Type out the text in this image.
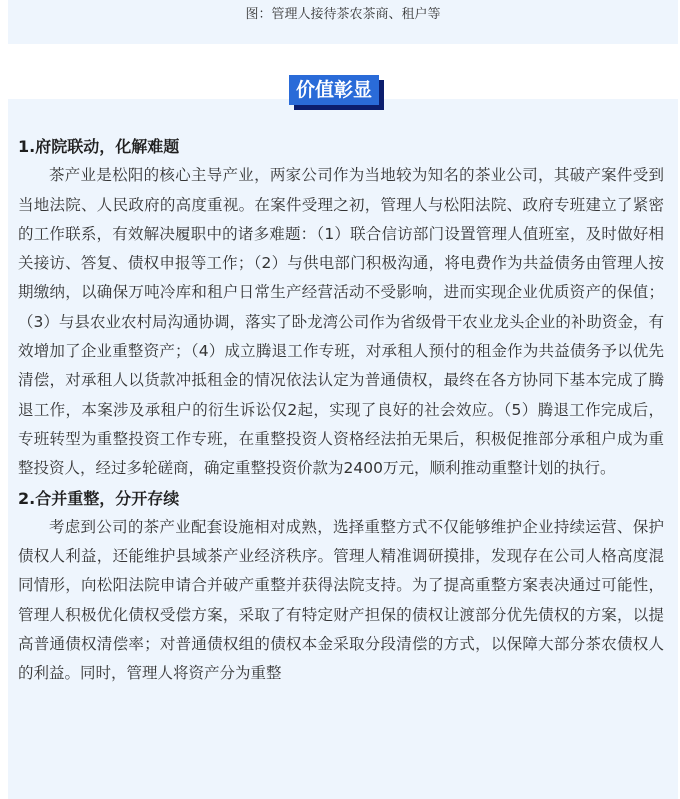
图：管理人接待茶农茶商、租户等
价值彰显

1.府院联动，化解难题

茶产业是松阳的核心主导产业，两家公司作为当地较为知名的茶业公司，其破产案件受到当地法院、人民政府的高度重视。在案件受理之初，管理人与松阳法院、政府专班建立了紧密的工作联系，有效解决履职中的诸多难题：（1）联合信访部门设置管理人值班室，及时做好相关接访、答复、债权申报等工作；（2）与供电部门积极沟通，将电费作为共益债务由管理人按期缴纳，以确保万吨冷库和租户日常生产经营活动不受影响，进而实现企业优质资产的保值；（3）与县农业农村局沟通协调，落实了卧龙湾公司作为省级骨干农业龙头企业的补助资金，有效增加了企业重整资产；（4）成立腾退工作专班，对承租人预付的租金作为共益债务予以优先清偿，对承租人以货款冲抵租金的情况依法认定为普通债权，最终在各方协同下基本完成了腾退工作，本案涉及承租户的衍生诉讼仅2起，实现了良好的社会效应。（5）腾退工作完成后，专班转型为重整投资工作专班，在重整投资人资格经法拍无果后，积极促推部分承租户成为重整投资人，经过多轮磋商，确定重整投资价款为2400万元，顺利推动重整计划的执行。

2.合并重整，分开存续

考虑到公司的茶产业配套设施相对成熟，选择重整方式不仅能够维护企业持续运营、保护债权人利益，还能维护县域茶产业经济秩序。管理人精准调研摸排，发现存在公司人格高度混同情形，向松阳法院申请合并破产重整并获得法院支持。为了提高重整方案表决通过可能性，管理人积极优化债权受偿方案，采取了有特定财产担保的债权让渡部分优先债权的方案，以提高普通债权清偿率；对普通债权组的债权本金采取分段清偿的方式，以保障大部分茶农债权人的利益。同时，管理人将资产分为重整
